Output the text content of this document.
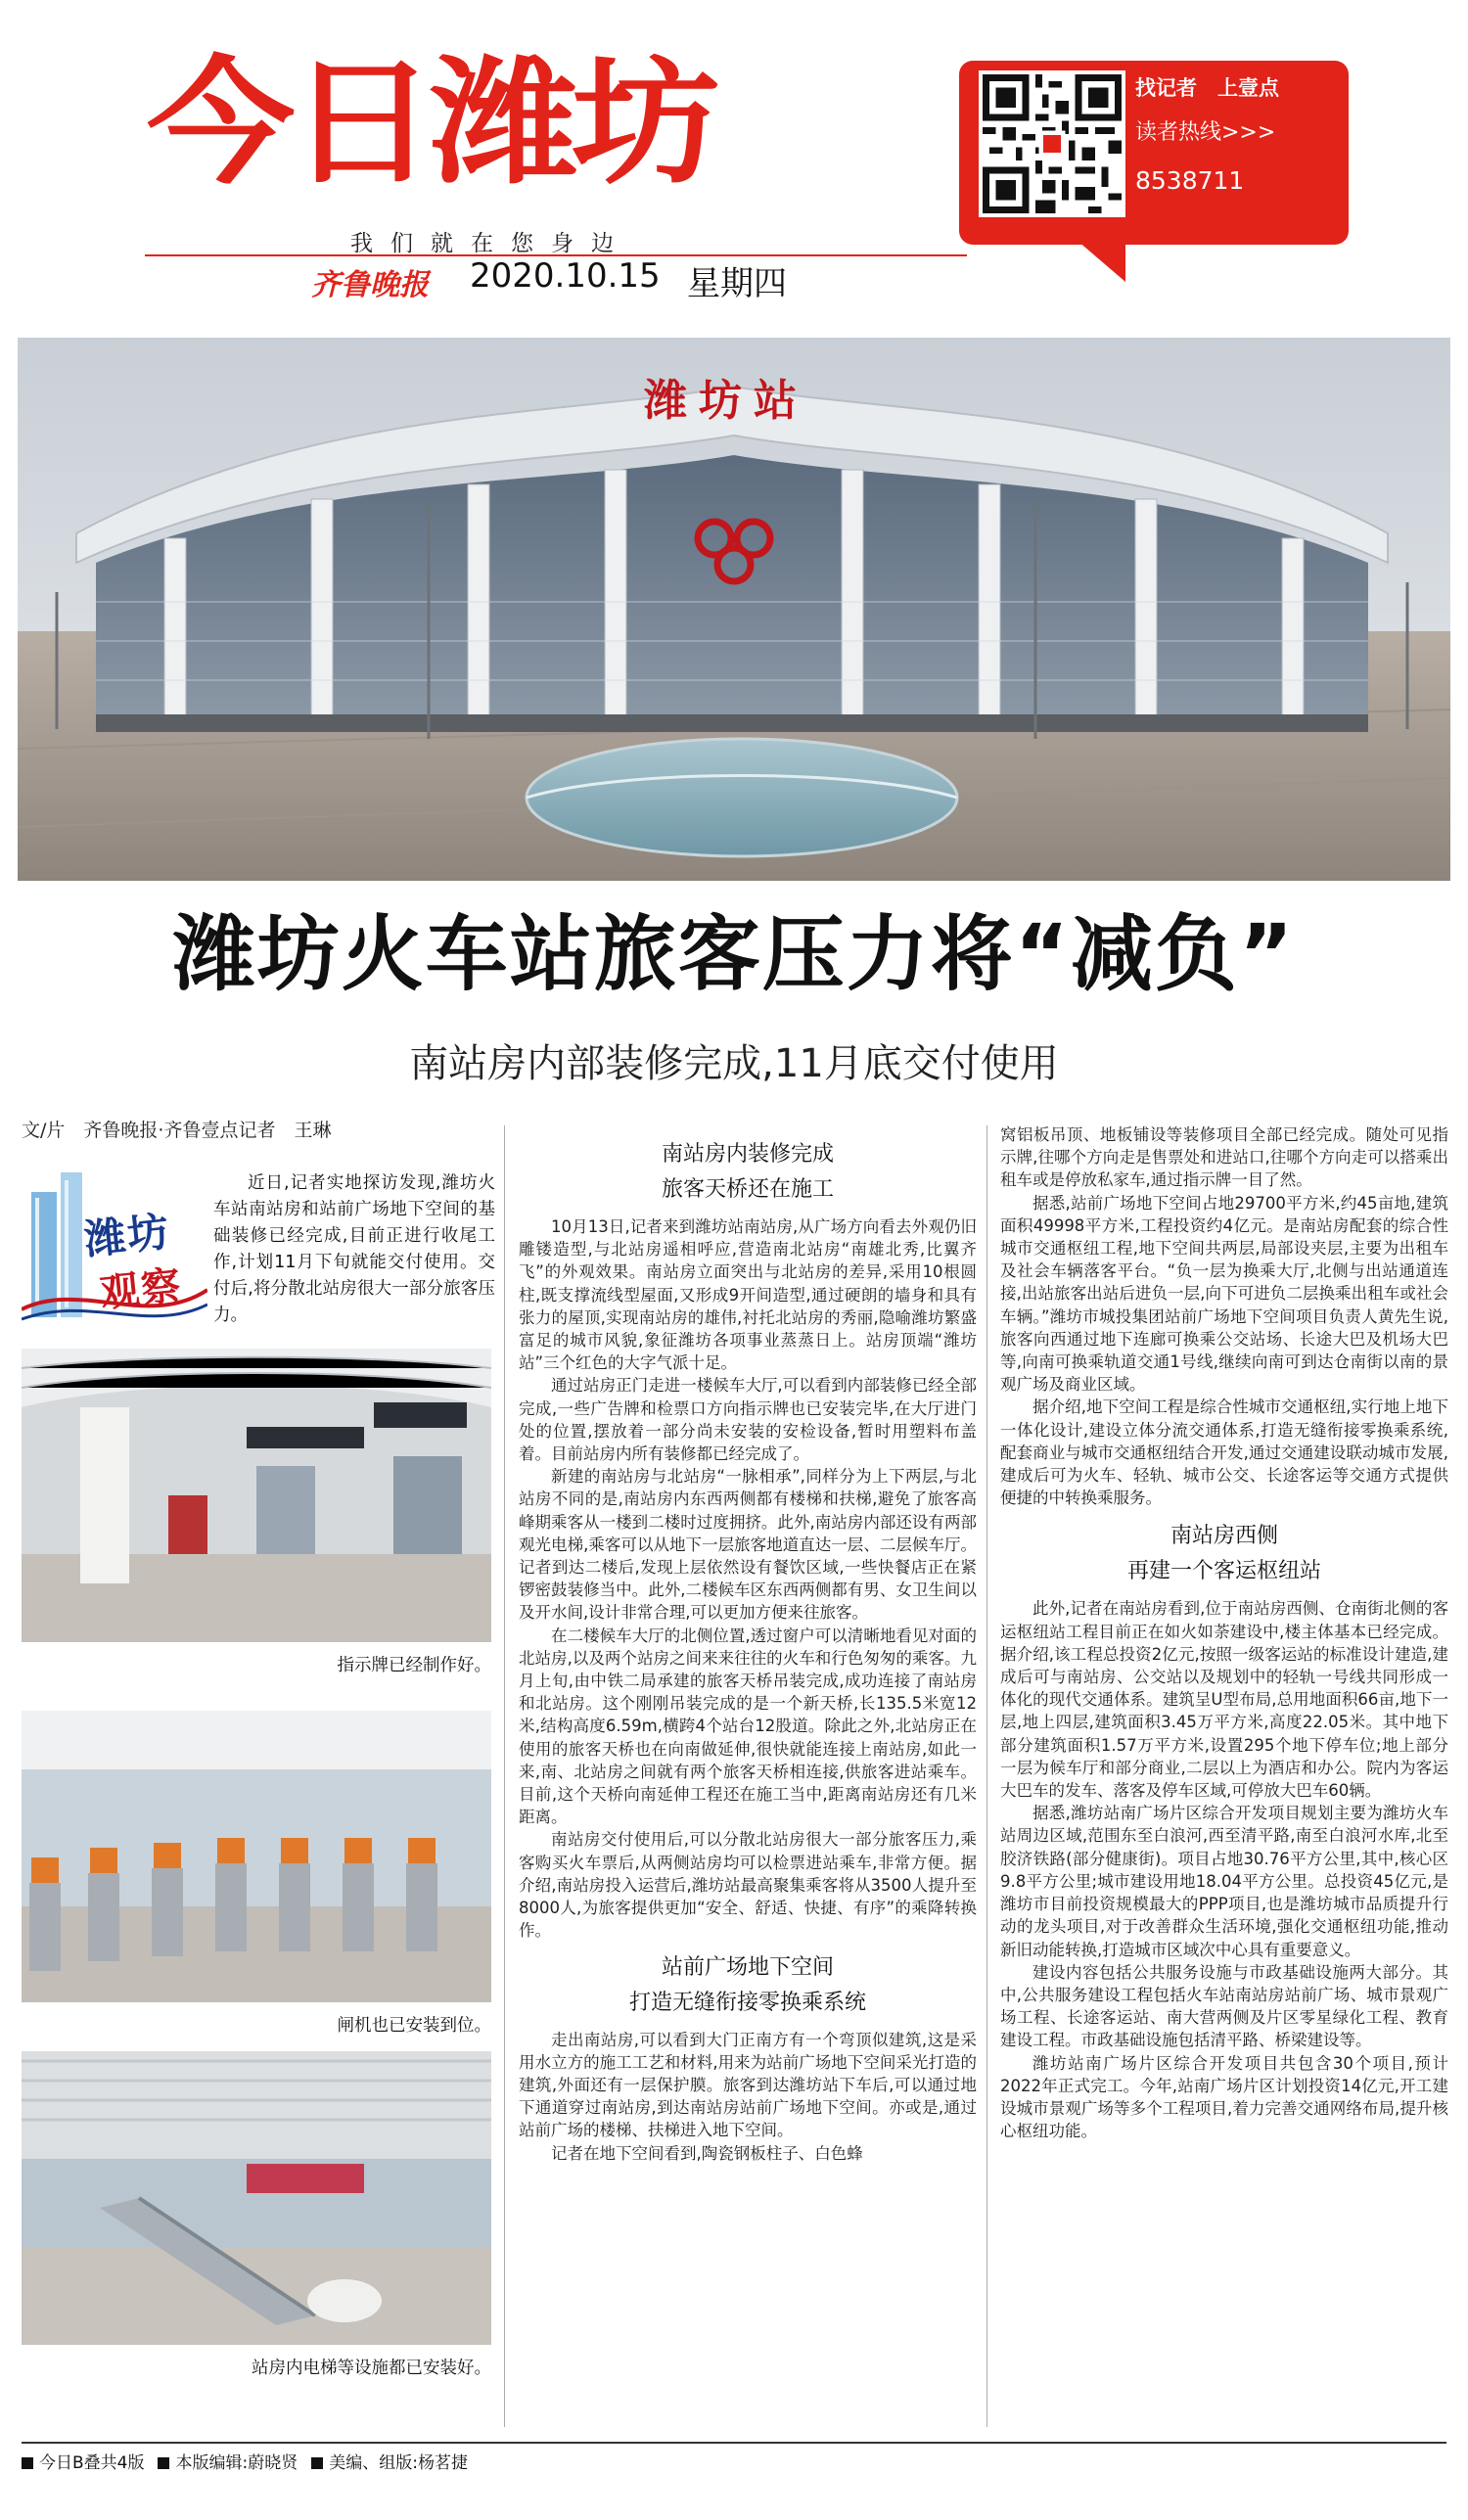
今日潍坊
我们就在您身边
齐鲁晚报 2020.10.15 星期四
找记者　上壹点
读者热线>>>
8538711
潍坊站
潍坊火车站旅客压力将“减负”
南站房内部装修完成,11月底交付使用
文/片　齐鲁晚报·齐鲁壹点记者　王琳
潍坊
观察
近日,记者实地探访发现,潍坊火车站南站房和站前广场地下空间的基础装修已经完成,目前正进行收尾工作,计划11月下旬就能交付使用。交付后,将分散北站房很大一部分旅客压力。
指示牌已经制作好。
闸机也已安装到位。
站房内电梯等设施都已安装好。
南站房内装修完成
旅客天桥还在施工

10月13日,记者来到潍坊站南站房,从广场方向看去外观仍旧雕镂造型,与北站房遥相呼应,营造南北站房“南雄北秀,比翼齐飞”的外观效果。南站房立面突出与北站房的差异,采用10根圆柱,既支撑流线型屋面,又形成9开间造型,通过硬朗的墙身和具有张力的屋顶,实现南站房的雄伟,衬托北站房的秀丽,隐喻潍坊繁盛富足的城市风貌,象征潍坊各项事业蒸蒸日上。站房顶端“潍坊站”三个红色的大字气派十足。

通过站房正门走进一楼候车大厅,可以看到内部装修已经全部完成,一些广告牌和检票口方向指示牌也已安装完毕,在大厅进门处的位置,摆放着一部分尚未安装的安检设备,暂时用塑料布盖着。目前站房内所有装修都已经完成了。

新建的南站房与北站房“一脉相承”,同样分为上下两层,与北站房不同的是,南站房内东西两侧都有楼梯和扶梯,避免了旅客高峰期乘客从一楼到二楼时过度拥挤。此外,南站房内部还设有两部观光电梯,乘客可以从地下一层旅客地道直达一层、二层候车厅。记者到达二楼后,发现上层依然设有餐饮区域,一些快餐店正在紧锣密鼓装修当中。此外,二楼候车区东西两侧都有男、女卫生间以及开水间,设计非常合理,可以更加方便来往旅客。

在二楼候车大厅的北侧位置,透过窗户可以清晰地看见对面的北站房,以及两个站房之间来来往往的火车和行色匆匆的乘客。九月上旬,由中铁二局承建的旅客天桥吊装完成,成功连接了南站房和北站房。这个刚刚吊装完成的是一个新天桥,长135.5米宽12米,结构高度6.59m,横跨4个站台12股道。除此之外,北站房正在使用的旅客天桥也在向南做延伸,很快就能连接上南站房,如此一来,南、北站房之间就有两个旅客天桥相连接,供旅客进站乘车。目前,这个天桥向南延伸工程还在施工当中,距离南站房还有几米距离。

南站房交付使用后,可以分散北站房很大一部分旅客压力,乘客购买火车票后,从两侧站房均可以检票进站乘车,非常方便。据介绍,南站房投入运营后,潍坊站最高聚集乘客将从3500人提升至8000人,为旅客提供更加“安全、舒适、快捷、有序”的乘降转换作。

站前广场地下空间
打造无缝衔接零换乘系统

走出南站房,可以看到大门正南方有一个弯顶似建筑,这是采用水立方的施工工艺和材料,用来为站前广场地下空间采光打造的建筑,外面还有一层保护膜。旅客到达潍坊站下车后,可以通过地下通道穿过南站房,到达南站房站前广场地下空间。亦或是,通过站前广场的楼梯、扶梯进入地下空间。

记者在地下空间看到,陶瓷钢板柱子、白色蜂

窝铝板吊顶、地板铺设等装修项目全部已经完成。随处可见指示牌,往哪个方向走是售票处和进站口,往哪个方向走可以搭乘出租车或是停放私家车,通过指示牌一目了然。

据悉,站前广场地下空间占地29700平方米,约45亩地,建筑面积49998平方米,工程投资约4亿元。是南站房配套的综合性城市交通枢纽工程,地下空间共两层,局部设夹层,主要为出租车及社会车辆落客平台。“负一层为换乘大厅,北侧与出站通道连接,出站旅客出站后进负一层,向下可进负二层换乘出租车或社会车辆。”潍坊市城投集团站前广场地下空间项目负责人黄先生说,旅客向西通过地下连廊可换乘公交站场、长途大巴及机场大巴等,向南可换乘轨道交通1号线,继续向南可到达仓南街以南的景观广场及商业区域。

据介绍,地下空间工程是综合性城市交通枢纽,实行地上地下一体化设计,建设立体分流交通体系,打造无缝衔接零换乘系统,配套商业与城市交通枢纽结合开发,通过交通建设联动城市发展,建成后可为火车、轻轨、城市公交、长途客运等交通方式提供便捷的中转换乘服务。

南站房西侧
再建一个客运枢纽站

此外,记者在南站房看到,位于南站房西侧、仓南街北侧的客运枢纽站工程目前正在如火如荼建设中,楼主体基本已经完成。据介绍,该工程总投资2亿元,按照一级客运站的标准设计建造,建成后可与南站房、公交站以及规划中的轻轨一号线共同形成一体化的现代交通体系。建筑呈U型布局,总用地面积66亩,地下一层,地上四层,建筑面积3.45万平方米,高度22.05米。其中地下部分建筑面积1.57万平方米,设置295个地下停车位;地上部分一层为候车厅和部分商业,二层以上为酒店和办公。院内为客运大巴车的发车、落客及停车区域,可停放大巴车60辆。

据悉,潍坊站南广场片区综合开发项目规划主要为潍坊火车站周边区域,范围东至白浪河,西至清平路,南至白浪河水库,北至胶济铁路(部分健康街)。项目占地30.76平方公里,其中,核心区9.8平方公里;城市建设用地18.04平方公里。总投资45亿元,是潍坊市目前投资规模最大的PPP项目,也是潍坊城市品质提升行动的龙头项目,对于改善群众生活环境,强化交通枢纽功能,推动新旧动能转换,打造城市区域次中心具有重要意义。

建设内容包括公共服务设施与市政基础设施两大部分。其中,公共服务建设工程包括火车站南站房站前广场、城市景观广场工程、长途客运站、南大营两侧及片区零星绿化工程、教育建设工程。市政基础设施包括清平路、桥梁建设等。

潍坊站南广场片区综合开发项目共包含30个项目,预计2022年正式完工。今年,站南广场片区计划投资14亿元,开工建设城市景观广场等多个工程项目,着力完善交通网络布局,提升核心枢纽功能。

今日B叠共4版	本版编辑:蔚晓贤	美编、组版:杨茗捷
